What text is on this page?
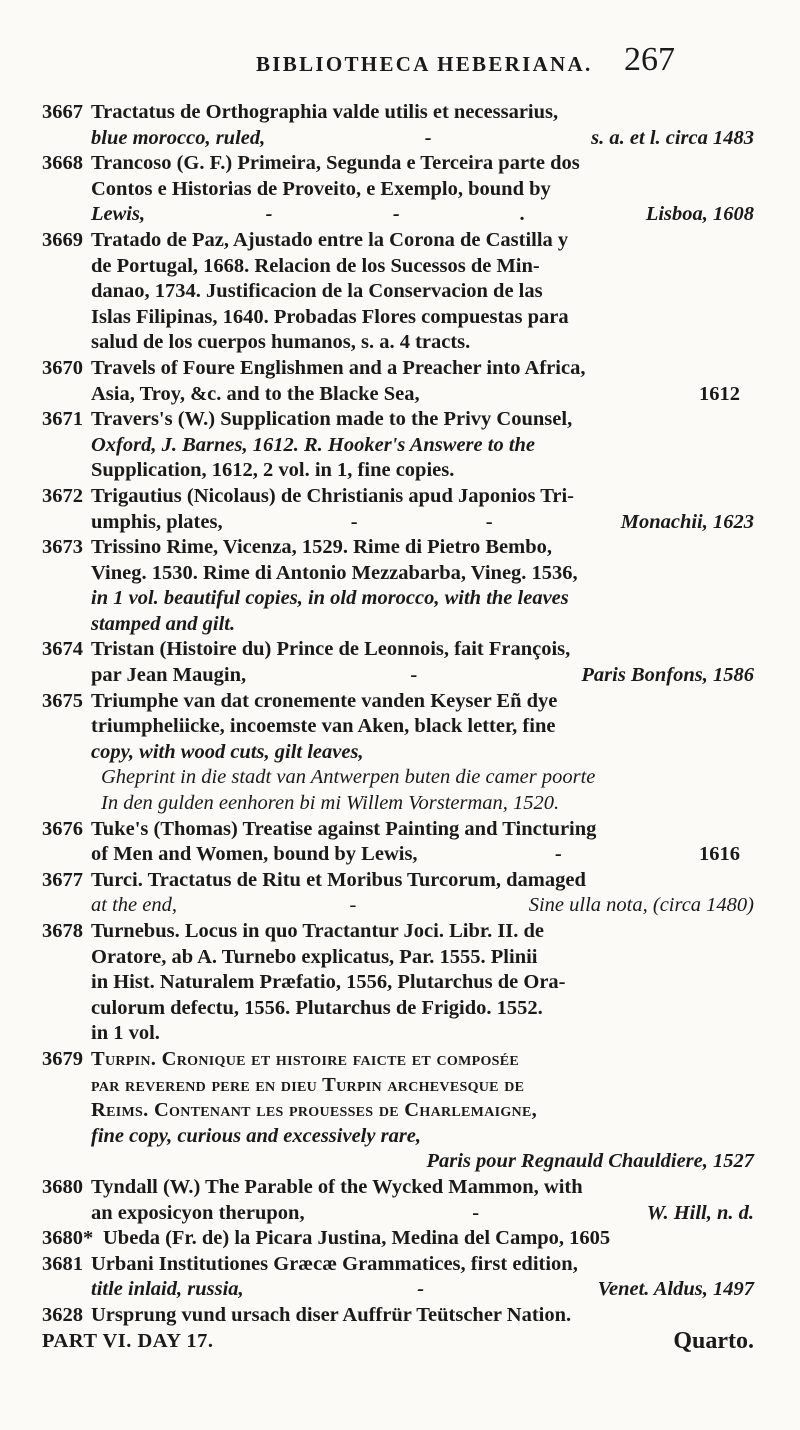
BIBLIOTHECA HEBERIANA. 267
3667 Tractatus de Orthographia valde utilis et necessarius,
blue morocco, ruled,	-	s. a. et l. circa 1483
3668 Trancoso (G. F.) Primeira, Segunda e Terceira parte dos
Contos e Historias de Proveito, e Exemplo, bound by
Lewis,	-	-	.	Lisboa, 1608
3669 Tratado de Paz, Ajustado entre la Corona de Castilla y
de Portugal, 1668. Relacion de los Sucessos de Min-
danao, 1734. Justificacion de la Conservacion de las
Islas Filipinas, 1640. Probadas Flores compuestas para
salud de los cuerpos humanos, s. a. 4 tracts.
3670 Travels of Foure Englishmen and a Preacher into Africa,
Asia, Troy, &c. and to the Blacke Sea,	1612
3671 Travers's (W.) Supplication made to the Privy Counsel,
Oxford, J. Barnes, 1612. R. Hooker's Answere to the
Supplication, 1612, 2 vol. in 1, fine copies.
3672 Trigautius (Nicolaus) de Christianis apud Japonios Tri-
umphis, plates,	-	-	Monachii, 1623
3673 Trissino Rime, Vicenza, 1529. Rime di Pietro Bembo,
Vineg. 1530. Rime di Antonio Mezzabarba, Vineg. 1536,
in 1 vol. beautiful copies, in old morocco, with the leaves
stamped and gilt.
3674 Tristan (Histoire du) Prince de Leonnois, fait François,
par Jean Maugin,	-	Paris Bonfons, 1586
3675 Triumphe van dat cronemente vanden Keyser Eñ dye
triumpheliicke, incoemste van Aken, black letter, fine
copy, with wood cuts, gilt leaves,
Gheprint in die stadt van Antwerpen buten die camer poorte
In den gulden eenhoren bi mi Willem Vorsterman, 1520.
3676 Tuke's (Thomas) Treatise against Painting and Tincturing
of Men and Women, bound by Lewis,	-	1616
3677 Turci. Tractatus de Ritu et Moribus Turcorum, damaged
at the end,	-	Sine ulla nota, (circa 1480)
3678 Turnebus. Locus in quo Tractantur Joci. Libr. II. de
Oratore, ab A. Turnebo explicatus, Par. 1555. Plinii
in Hist. Naturalem Præfatio, 1556, Plutarchus de Ora-
culorum defectu, 1556. Plutarchus de Frigido. 1552.
in 1 vol.
3679 Turpin. Cronique et histoire faicte et composée
par reverend pere en dieu Turpin archevesque de
Reims. Contenant les prouesses de Charlemaigne,
fine copy, curious and excessively rare,
Paris pour Regnauld Chauldiere, 1527
3680 Tyndall (W.) The Parable of the Wycked Mammon, with
an exposicyon therupon,	-	W. Hill, n. d.
3680* Ubeda (Fr. de) la Picara Justina, Medina del Campo, 1605
3681 Urbani Institutiones Græcæ Grammatices, first edition,
title inlaid, russia,	-	Venet. Aldus, 1497
3628 Ursprung vund ursach diser Auffrür Teütscher Nation.
PART VI. DAY 17.	Quarto.
